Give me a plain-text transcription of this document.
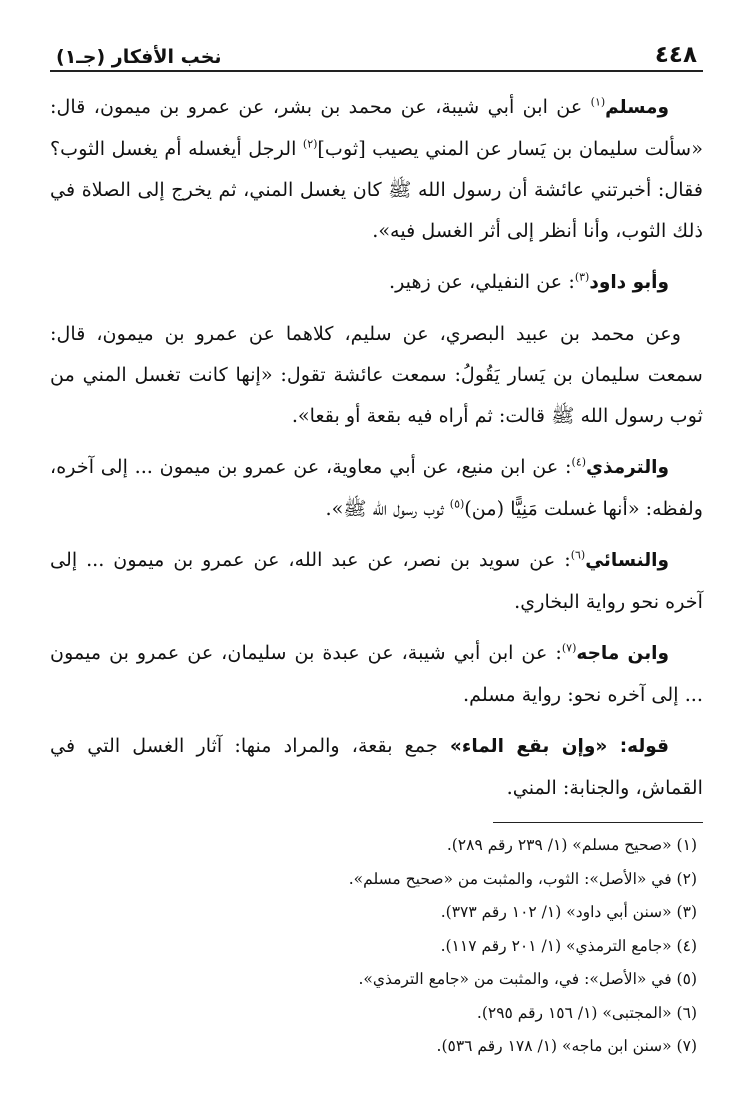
٤٤٨
نخب الأفكار (جـ١)

ومسلم$^{(١)}$ عن ابن أبي شيبة، عن محمد بن بشر، عن عمرو بن ميمون، قال: «سألت سليمان بن يَسار عن المني يصيب [ثوب]$^{(٢)}$ الرجل أيغسله أم يغسل الثوب؟ فقال: أخبرتني عائشة أن رسول الله ﷺ كان يغسل المني، ثم يخرج إلى الصلاة في ذلك الثوب، وأنا أنظر إلى أثر الغسل فيه».

وأبو داود$^{(٣)}$: عن النفيلي، عن زهير.

وعن محمد بن عبيد البصري، عن سليم، كلاهما عن عمرو بن ميمون، قال: سمعت سليمان بن يَسار يَقُولُ: سمعت عائشة تقول: «إنها كانت تغسل المني من ثوب رسول الله ﷺ قالت: ثم أراه فيه بقعة أو بقعا».

والترمذي$^{(٤)}$: عن ابن منيع، عن أبي معاوية، عن عمرو بن ميمون ... إلى آخره، ولفظه: «أنها غسلت مَنِيًّا (من)$^{(٥)}$ ثوب رسول الله ﷺ».

والنسائي$^{(٦)}$: عن سويد بن نصر، عن عبد الله، عن عمرو بن ميمون ... إلى آخره نحو رواية البخاري.

وابن ماجه$^{(٧)}$: عن ابن أبي شيبة، عن عبدة بن سليمان، عن عمرو بن ميمون ... إلى آخره نحو: رواية مسلم.

قوله: «وإن بقع الماء» جمع بقعة، والمراد منها: آثار الغسل التي في القماش، والجنابة: المني.

(١) «صحيح مسلم» (١/ ٢٣٩ رقم ٢٨٩).
(٢) في «الأصل»: الثوب، والمثبت من «صحيح مسلم».
(٣) «سنن أبي داود» (١/ ١٠٢ رقم ٣٧٣).
(٤) «جامع الترمذي» (١/ ٢٠١ رقم ١١٧).
(٥) في «الأصل»: في، والمثبت من «جامع الترمذي».
(٦) «المجتبى» (١/ ١٥٦ رقم ٢٩٥).
(٧) «سنن ابن ماجه» (١/ ١٧٨ رقم ٥٣٦).
